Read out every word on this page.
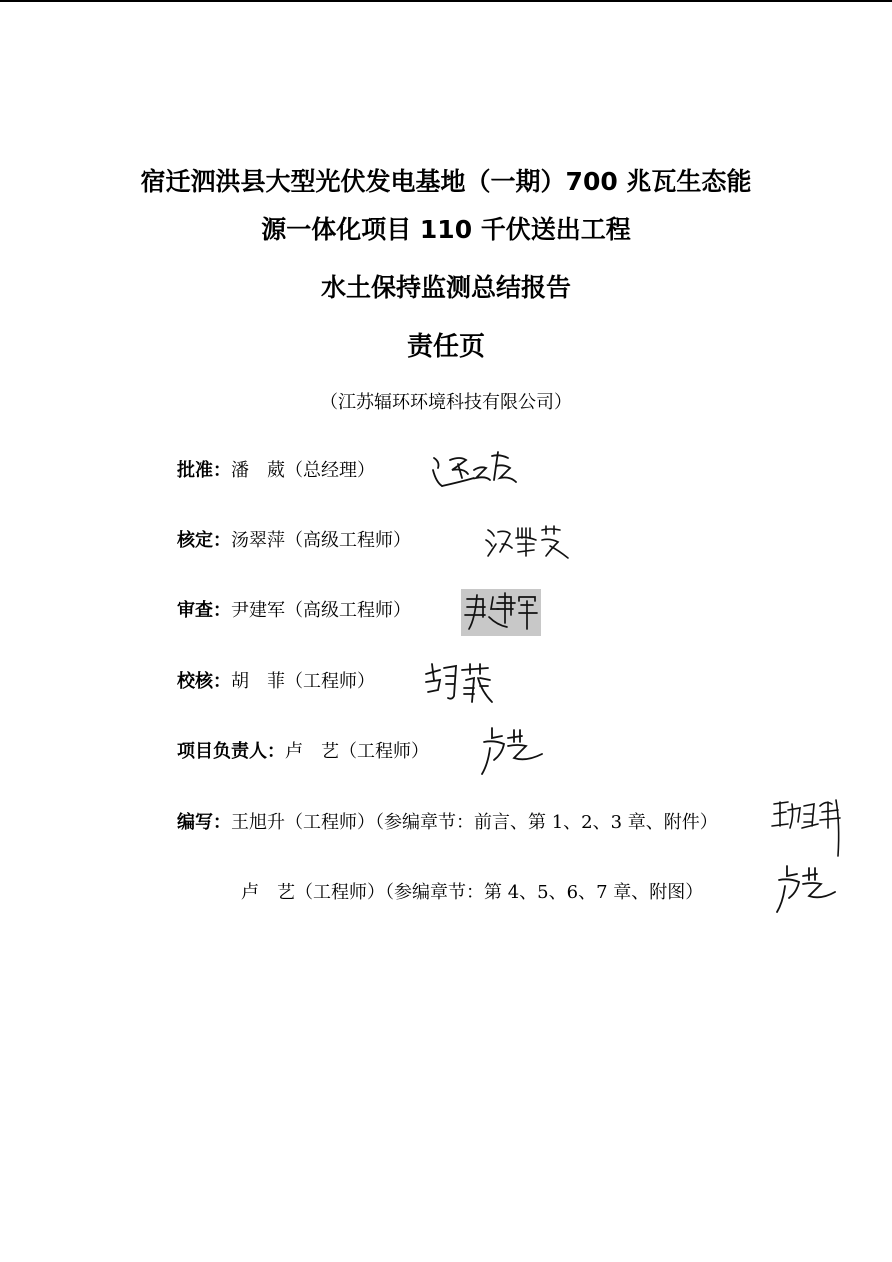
宿迁泗洪县大型光伏发电基地（一期）700 兆瓦生态能
源一体化项目 110 千伏送出工程
水土保持监测总结报告
责任页
（江苏辐环环境科技有限公司）
批准：潘　葳（总经理）
核定：汤翠萍（高级工程师）
审查：尹建军（高级工程师）
校核：胡　菲（工程师）
项目负责人：卢　艺（工程师）
编写：王旭升（工程师）（参编章节：前言、第 1、2、3 章、附件）
卢　艺（工程师）（参编章节：第 4、5、6、7 章、附图）
